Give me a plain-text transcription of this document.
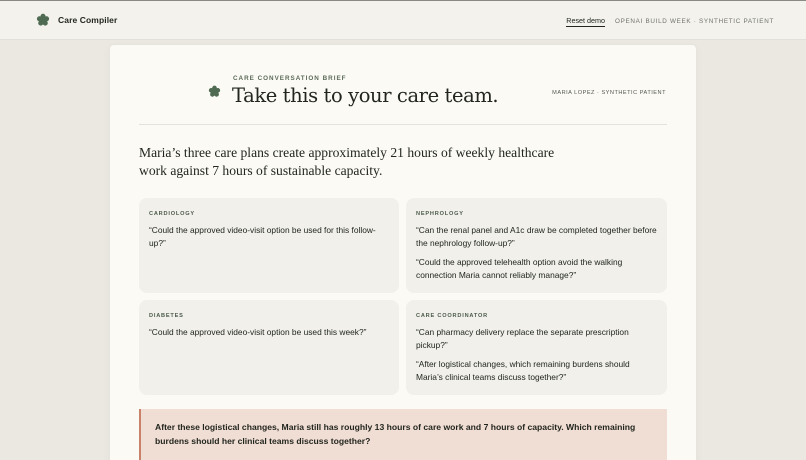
Care Compiler	Reset demo OPENAI BUILD WEEK · SYNTHETIC PATIENT
CARE CONVERSATION BRIEF
Take this to your care team.	MARIA LOPEZ · SYNTHETIC PATIENT

Maria’s three care plans create approximately 21 hours of weekly healthcare work against 7 hours of sustainable capacity.

CARDIOLOGY
“Could the approved video-visit option be used for this follow-up?”
NEPHROLOGY
“Can the renal panel and A1c draw be completed together before the nephrology follow-up?”
“Could the approved telehealth option avoid the walking connection Maria cannot reliably manage?”
DIABETES
“Could the approved video-visit option be used this week?”
CARE COORDINATOR
“Can pharmacy delivery replace the separate prescription pickup?”
“After logistical changes, which remaining burdens should Maria’s clinical teams discuss together?”
After these logistical changes, Maria still has roughly 13 hours of care work and 7 hours of capacity. Which remaining burdens should her clinical teams discuss together?
